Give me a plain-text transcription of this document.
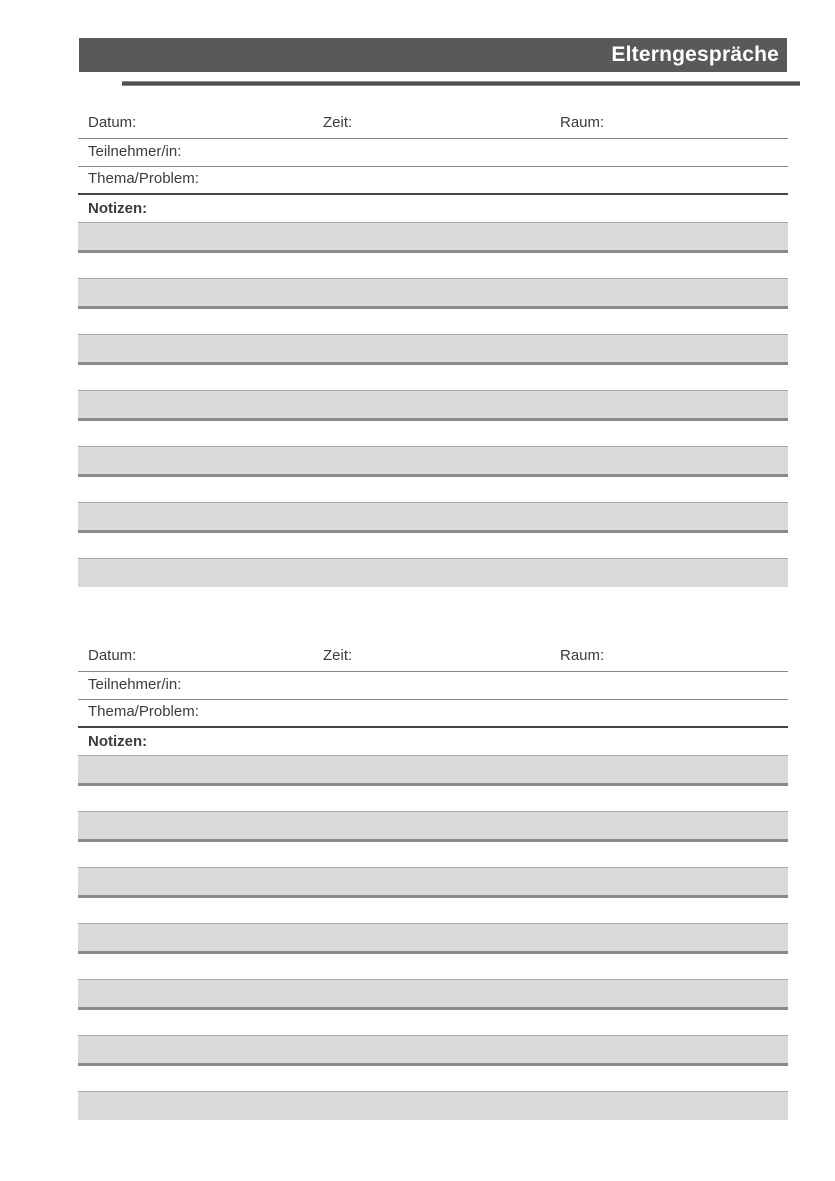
Elterngespräche
Datum:	Zeit:	Raum:
Teilnehmer/in:
Thema/Problem:
Notizen:
Datum:	Zeit:	Raum:
Teilnehmer/in:
Thema/Problem:
Notizen:
